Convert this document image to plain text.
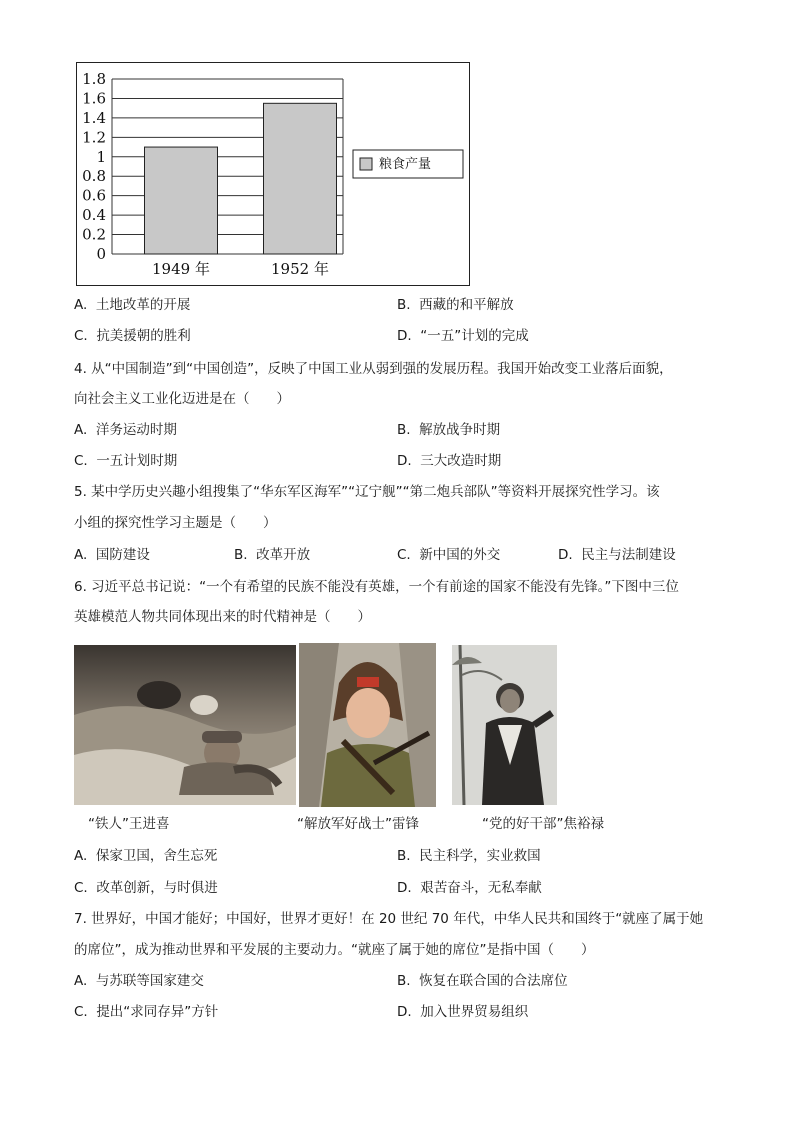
1.8
1.6
1.4
1.2
1
0.8
0.6
0.4
0.2
0
1949 年	1952 年
粮食产量
A. 土地改革的开展	B. 西藏的和平解放
C. 抗美援朝的胜利	D. “一五”计划的完成
4. 从“中国制造”到“中国创造”，反映了中国工业从弱到强的发展历程。我国开始改变工业落后面貌，
向社会主义工业化迈进是在（　　）
A. 洋务运动时期	B. 解放战争时期
C. 一五计划时期	D. 三大改造时期
5. 某中学历史兴趣小组搜集了“华东军区海军”“辽宁舰”“第二炮兵部队”等资料开展探究性学习。该
小组的探究性学习主题是（　　）
A. 国防建设	B. 改革开放	C. 新中国的外交	D. 民主与法制建设
6. 习近平总书记说：“一个有希望的民族不能没有英雄，一个有前途的国家不能没有先锋。”下图中三位
英雄模范人物共同体现出来的时代精神是（　　）
“铁人”王进喜	“解放军好战士”雷锋	“党的好干部”焦裕禄
A. 保家卫国，舍生忘死	B. 民主科学，实业救国
C. 改革创新，与时俱进	D. 艰苦奋斗，无私奉献
7. 世界好，中国才能好；中国好，世界才更好！在 20 世纪 70 年代，中华人民共和国终于“就座了属于她
的席位”，成为推动世界和平发展的主要动力。“就座了属于她的席位”是指中国（　　）
A. 与苏联等国家建交	B. 恢复在联合国的合法席位
C. 提出“求同存异”方针	D. 加入世界贸易组织
